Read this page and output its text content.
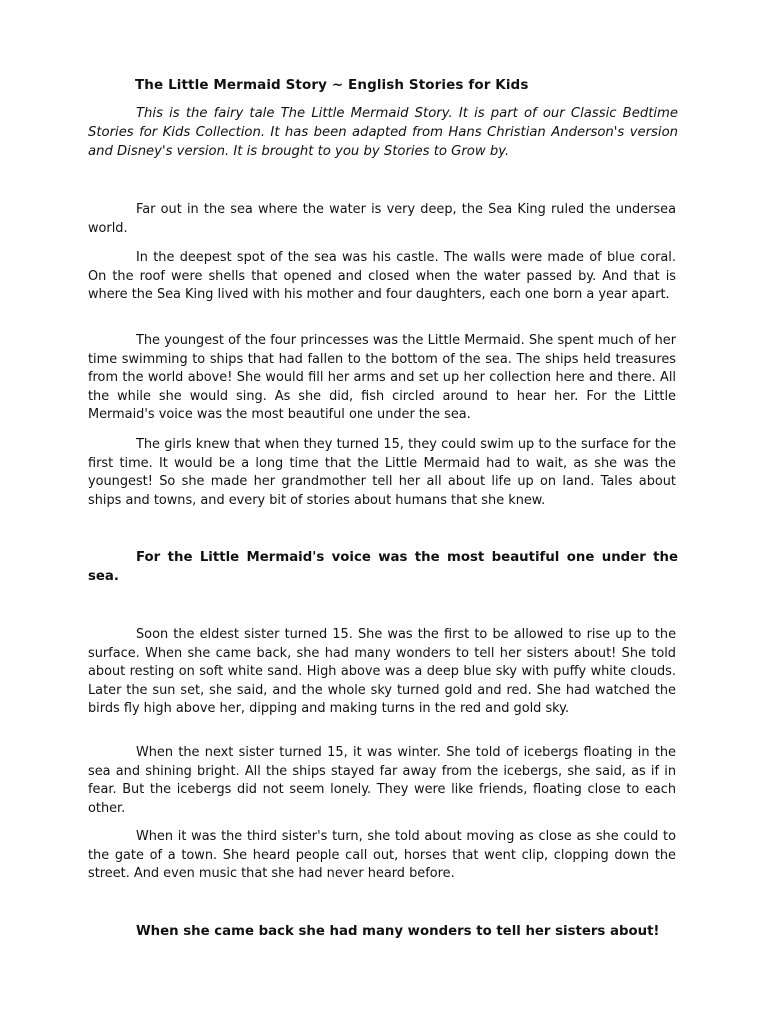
The Little Mermaid Story ~ English Stories for Kids
This is the fairy tale The Little Mermaid Story. It is part of our Classic Bedtime Stories for Kids Collection. It has been adapted from Hans Christian Anderson's version and Disney's version. It is brought to you by Stories to Grow by.

Far out in the sea where the water is very deep, the Sea King ruled the undersea world.

In the deepest spot of the sea was his castle. The walls were made of blue coral. On the roof were shells that opened and closed when the water passed by. And that is where the Sea King lived with his mother and four daughters, each one born a year apart.

The youngest of the four princesses was the Little Mermaid. She spent much of her time swimming to ships that had fallen to the bottom of the sea. The ships held treasures from the world above! She would fill her arms and set up her collection here and there. All the while she would sing. As she did, fish circled around to hear her. For the Little Mermaid's voice was the most beautiful one under the sea.

The girls knew that when they turned 15, they could swim up to the surface for the first time. It would be a long time that the Little Mermaid had to wait, as she was the youngest! So she made her grandmother tell her all about life up on land. Tales about ships and towns, and every bit of stories about humans that she knew.

For the Little Mermaid's voice was the most beautiful one under the sea.

Soon the eldest sister turned 15. She was the first to be allowed to rise up to the surface. When she came back, she had many wonders to tell her sisters about! She told about resting on soft white sand. High above was a deep blue sky with puffy white clouds. Later the sun set, she said, and the whole sky turned gold and red. She had watched the birds fly high above her, dipping and making turns in the red and gold sky.

When the next sister turned 15, it was winter. She told of icebergs floating in the sea and shining bright. All the ships stayed far away from the icebergs, she said, as if in fear. But the icebergs did not seem lonely. They were like friends, floating close to each other.

When it was the third sister's turn, she told about moving as close as she could to the gate of a town. She heard people call out, horses that went clip, clopping down the street. And even music that she had never heard before.

When she came back she had many wonders to tell her sisters about!
